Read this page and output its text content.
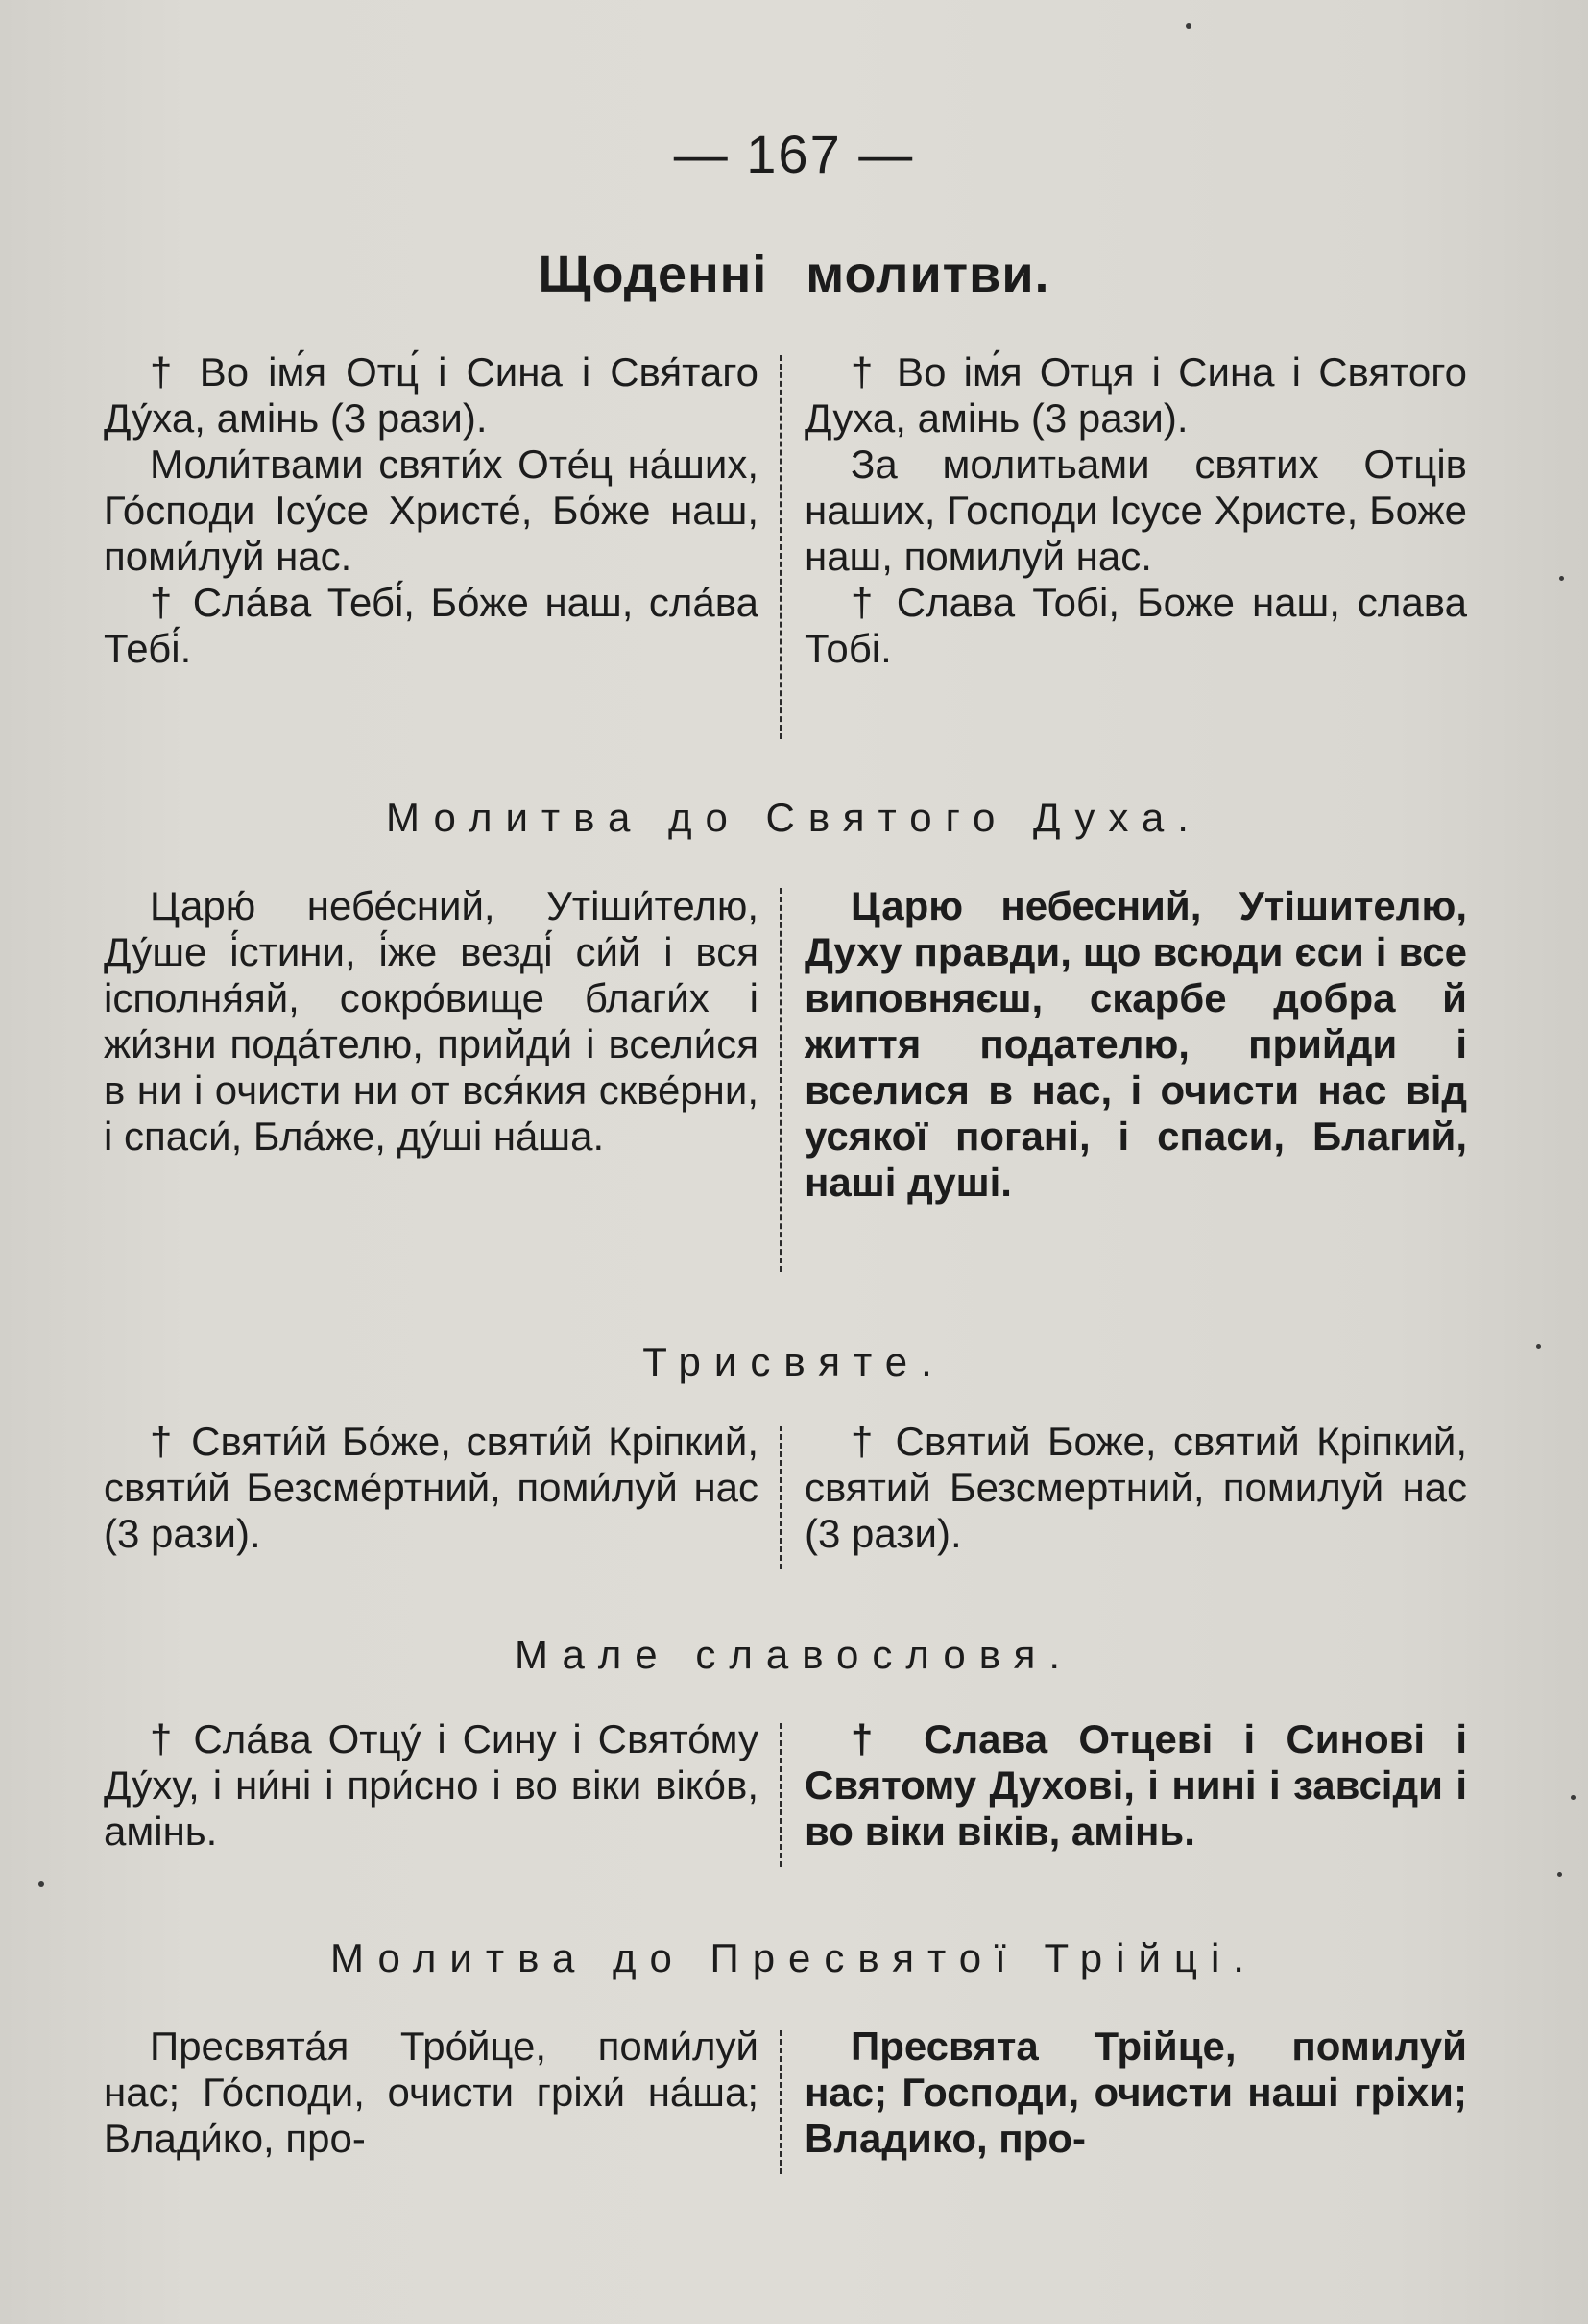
— 167 —
Щоденні молитви.

† Во ім́я Отц́ і Сина і Свя́таго Ду́ха, амінь (3 рази).

Моли́твами святи́х Оте́ц на́ших, Го́споди Ісу́се Христе́, Бо́же наш, поми́луй нас.

† Сла́ва Тебі́, Бо́же наш, сла́ва Тебі́.

† Во ім́я Отця і Сина і Святого Духа, амінь (3 рази).

За молитьами святих Отців наших, Господи Ісусе Христе, Боже наш, помилуй нас.

† Слава Тобі, Боже наш, слава Тобі.

Молитва до Святого Духа.

Царю́ небе́сний, Утіши́телю, Ду́ше і́стини, і́же везді́ си́й і вся ісполня́яй, сокро́вище благи́х і жи́зни пода́телю, прийди́ і всели́ся в ни і очисти ни от вся́кия скве́рни, і спаси́, Бла́же, ду́ші на́ша.

Царю небесний, Утішителю, Духу правди, що всюди єси і все виповняєш, скарбе добра й життя подателю, прийди і вселися в нас, і очисти нас від усякої погані, і спаси, Благий, наші душі.

Трисвяте.

† Святи́й Бо́же, святи́й Кріпкий, святи́й Безсме́ртний, поми́луй нас (3 рази).

† Святий Боже, святий Кріпкий, святий Безсмертний, помилуй нас (3 рази).

Мале славословя.

† Сла́ва Отцу́ і Сину і Свято́му Ду́ху, і ни́ні і при́сно і во віки віко́в, амінь.

† Слава Отцеві і Синові і Святому Духові, і нині і завсіди і во віки віків, амінь.

Молитва до Пресвятої Трійці.

Пресвята́я Тро́йце, поми́луй нас; Го́споди, очисти грiхи́ на́ша; Влади́ко, про-

Пресвята Трійце, помилуй нас; Господи, очисти наші гріхи; Владико, про-
